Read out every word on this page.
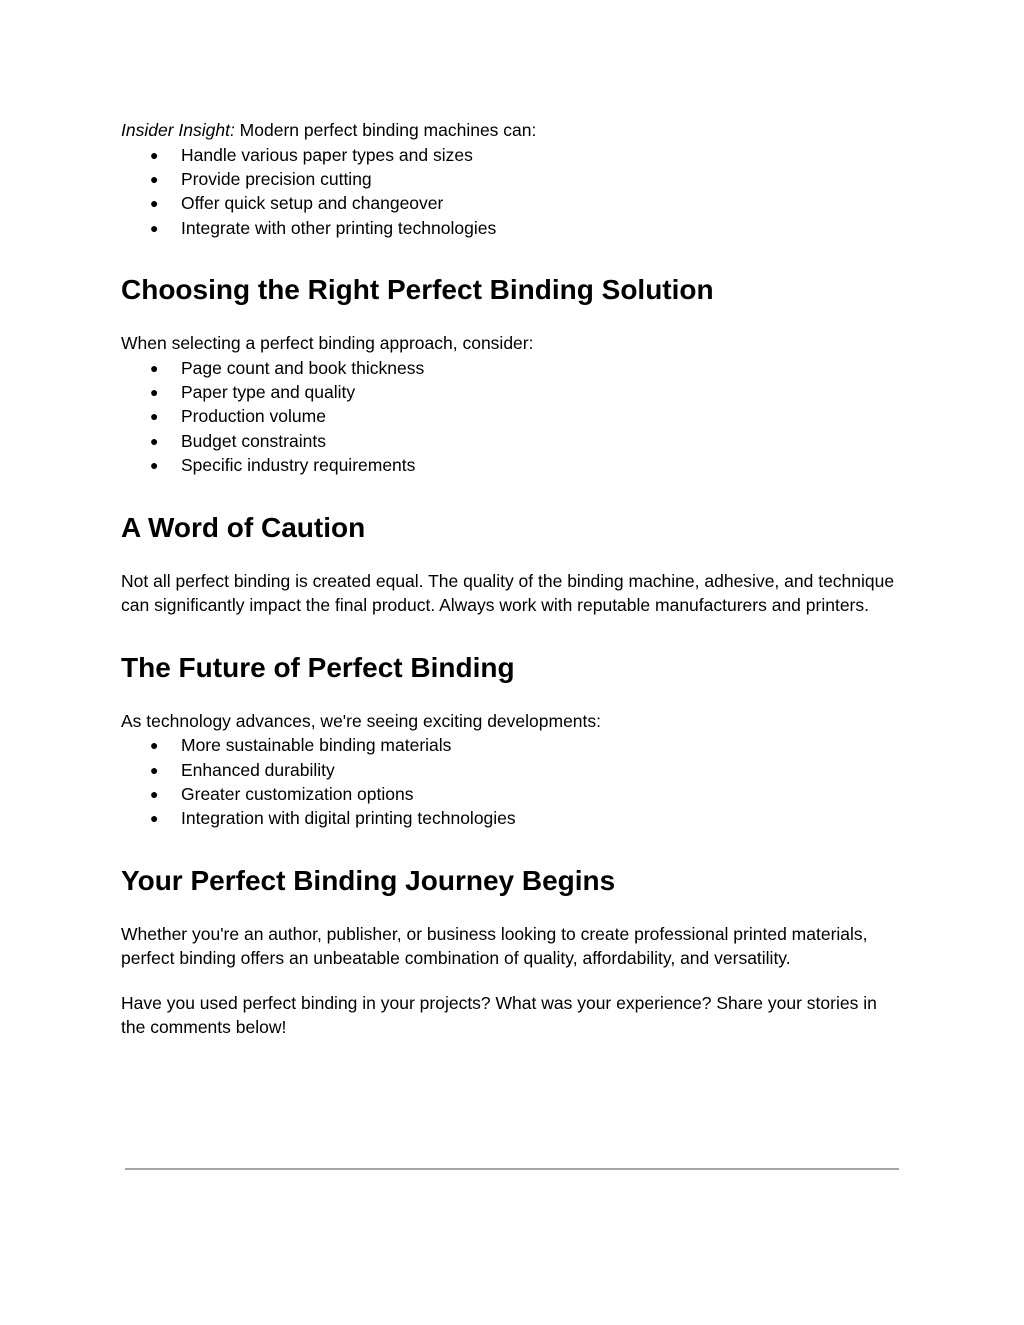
Insider Insight: Modern perfect binding machines can:

● Handle various paper types and sizes
● Provide precision cutting
● Offer quick setup and changeover
● Integrate with other printing technologies
Choosing the Right Perfect Binding Solution

When selecting a perfect binding approach, consider:

● Page count and book thickness
● Paper type and quality
● Production volume
● Budget constraints
● Specific industry requirements
A Word of Caution

Not all perfect binding is created equal. The quality of the binding machine, adhesive, and technique can significantly impact the final product. Always work with reputable manufacturers and printers.

The Future of Perfect Binding

As technology advances, we're seeing exciting developments:

● More sustainable binding materials
● Enhanced durability
● Greater customization options
● Integration with digital printing technologies
Your Perfect Binding Journey Begins

Whether you're an author, publisher, or business looking to create professional printed materials, perfect binding offers an unbeatable combination of quality, affordability, and versatility.

Have you used perfect binding in your projects? What was your experience? Share your stories in the comments below!
